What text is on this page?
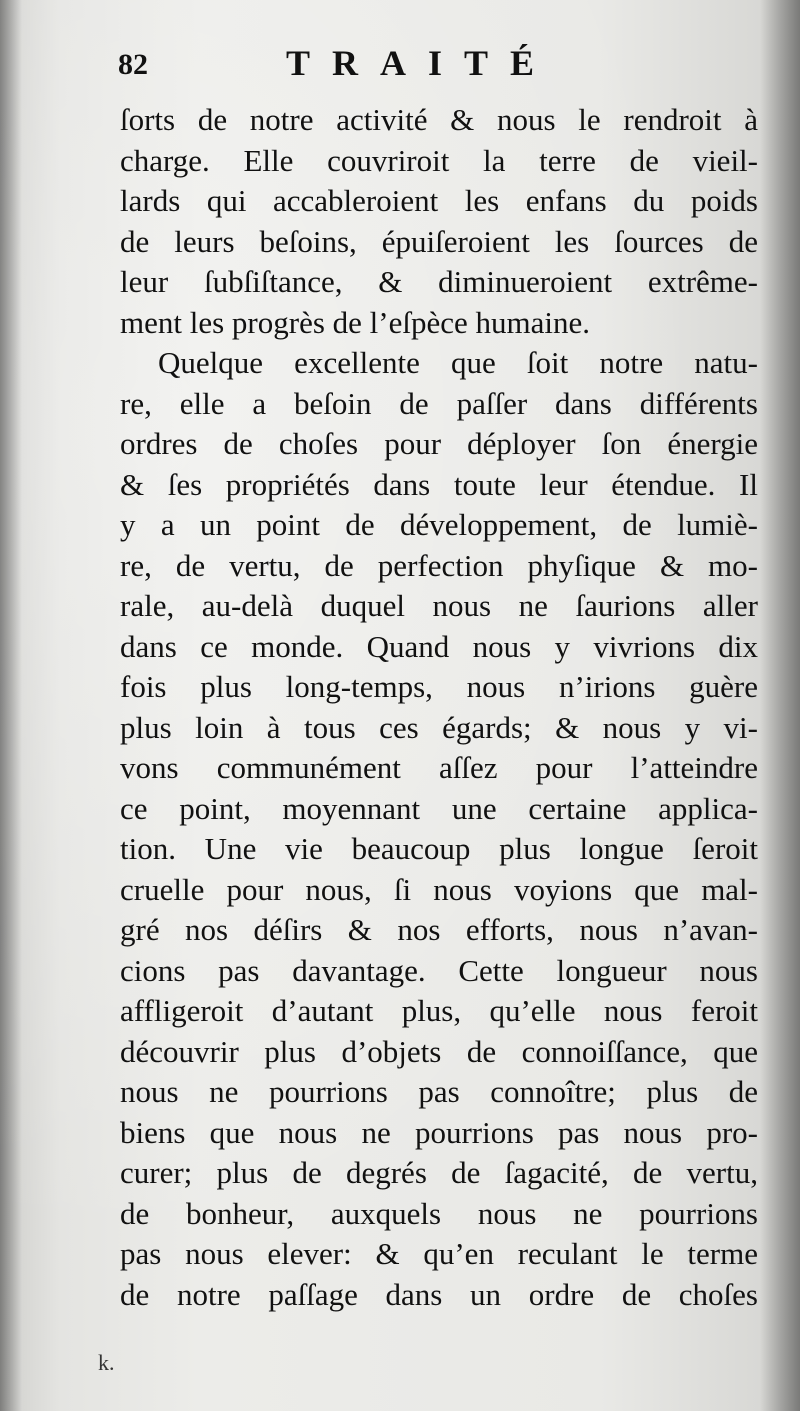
82	TRAITÉ
ſorts de notre activité & nous le rendroit à
charge. Elle couvriroit la terre de vieil-
lards qui accableroient les enfans du poids
de leurs beſoins, épuiſeroient les ſources de
leur ſubſiſtance, & diminueroient extrême-
ment les progrès de l’eſpèce humaine.
Quelque excellente que ſoit notre natu-
re, elle a beſoin de paſſer dans différents
ordres de choſes pour déployer ſon énergie
& ſes propriétés dans toute leur étendue. Il
y a un point de développement, de lumiè-
re, de vertu, de perfection phyſique & mo-
rale, au-delà duquel nous ne ſaurions aller
dans ce monde. Quand nous y vivrions dix
fois plus long-temps, nous n’irions guère
plus loin à tous ces égards; & nous y vi-
vons communément aſſez pour l’atteindre
ce point, moyennant une certaine applica-
tion. Une vie beaucoup plus longue ſeroit
cruelle pour nous, ſi nous voyions que mal-
gré nos déſirs & nos efforts, nous n’avan-
cions pas davantage. Cette longueur nous
affligeroit d’autant plus, qu’elle nous feroit
découvrir plus d’objets de connoiſſance, que
nous ne pourrions pas connoître; plus de
biens que nous ne pourrions pas nous pro-
curer; plus de degrés de ſagacité, de vertu,
de bonheur, auxquels nous ne pourrions
pas nous elever: & qu’en reculant le terme
de notre paſſage dans un ordre de choſes
k.
